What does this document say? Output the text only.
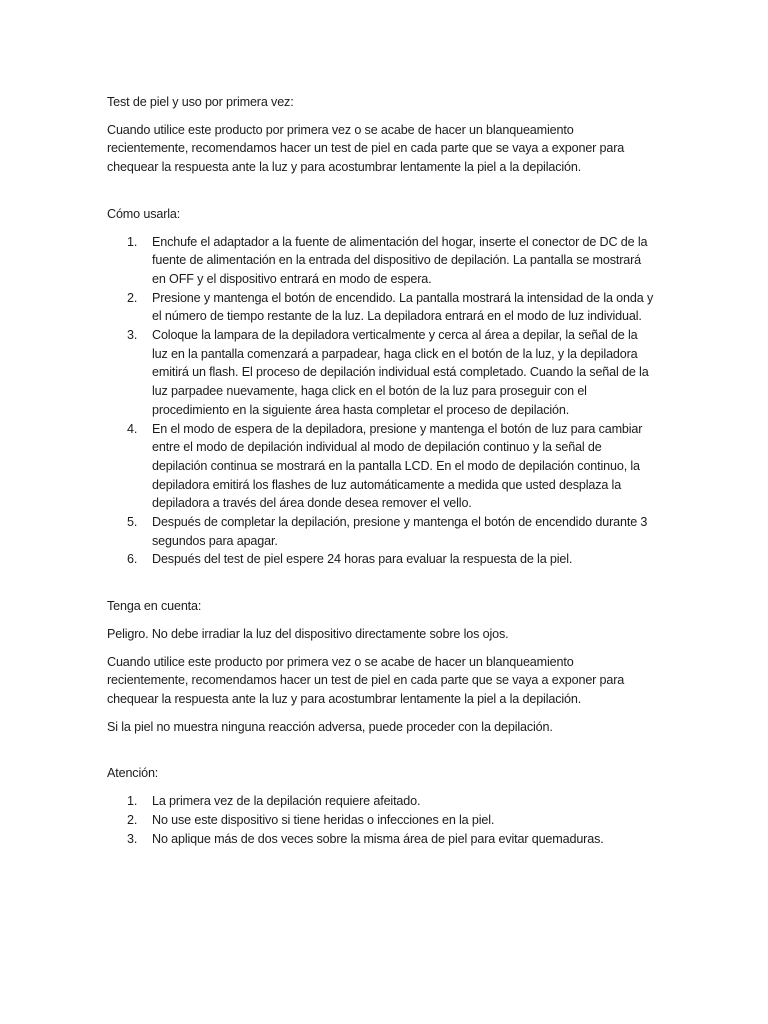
Test de piel y uso por primera vez:

Cuando utilice este producto por primera vez o se acabe de hacer un blanqueamiento recientemente, recomendamos hacer un test de piel en cada parte que se vaya a exponer para chequear la respuesta ante la luz y para acostumbrar lentamente la piel a la depilación.

Cómo usarla:

1. Enchufe el adaptador a la fuente de alimentación del hogar, inserte el conector de DC de la fuente de alimentación en la entrada del dispositivo de depilación. La pantalla se mostrará en OFF y el dispositivo entrará en modo de espera.
2. Presione y mantenga el botón de encendido. La pantalla mostrará la intensidad de la onda y el número de tiempo restante de la luz. La depiladora entrará en el modo de luz individual.
3. Coloque la lampara de la depiladora verticalmente y cerca al área a depilar, la señal de la luz en la pantalla comenzará a parpadear, haga click en el botón de la luz, y la depiladora emitirá un flash. El proceso de depilación individual está completado. Cuando la señal de la luz parpadee nuevamente, haga click en el botón de la luz para proseguir con el procedimiento en la siguiente área hasta completar el proceso de depilación.
4. En el modo de espera de la depiladora, presione y mantenga el botón de luz para cambiar entre el modo de depilación individual al modo de depilación continuo y la señal de depilación continua se mostrará en la pantalla LCD. En el modo de depilación continuo, la depiladora emitirá los flashes de luz automáticamente a medida que usted desplaza la depiladora a través del área donde desea remover el vello.
5. Después de completar la depilación, presione y mantenga el botón de encendido durante 3 segundos para apagar.
6. Después del test de piel espere 24 horas para evaluar la respuesta de la piel.

Tenga en cuenta:

Peligro. No debe irradiar la luz del dispositivo directamente sobre los ojos.

Cuando utilice este producto por primera vez o se acabe de hacer un blanqueamiento recientemente, recomendamos hacer un test de piel en cada parte que se vaya a exponer para chequear la respuesta ante la luz y para acostumbrar lentamente la piel a la depilación.

Si la piel no muestra ninguna reacción adversa, puede proceder con la depilación.

Atención:

1. La primera vez de la depilación requiere afeitado.
2. No use este dispositivo si tiene heridas o infecciones en la piel.
3. No aplique más de dos veces sobre la misma área de piel para evitar quemaduras.
